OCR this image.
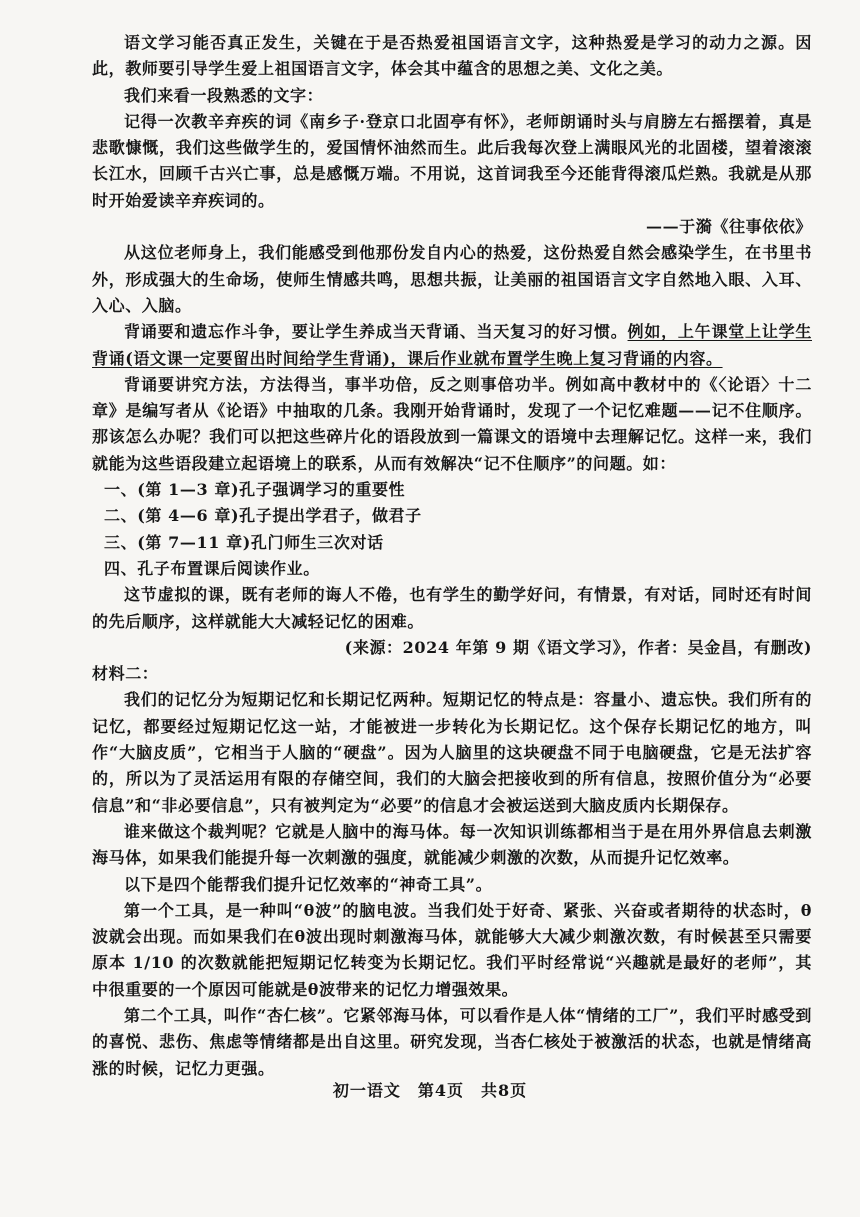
语文学习能否真正发生，关键在于是否热爱祖国语言文字，这种热爱是学习的动力之源。因此，教师要引导学生爱上祖国语言文字，体会其中蕴含的思想之美、文化之美。

我们来看一段熟悉的文字：

记得一次教辛弃疾的词《南乡子·登京口北固亭有怀》，老师朗诵时头与肩膀左右摇摆着，真是悲歌慷慨，我们这些做学生的，爱国情怀油然而生。此后我每次登上满眼风光的北固楼，望着滚滚长江水，回顾千古兴亡事，总是感慨万端。不用说，这首词我至今还能背得滚瓜烂熟。我就是从那时开始爱读辛弃疾词的。

——于漪《往事依依》

从这位老师身上，我们能感受到他那份发自内心的热爱，这份热爱自然会感染学生，在书里书外，形成强大的生命场，使师生情感共鸣，思想共振，让美丽的祖国语言文字自然地入眼、入耳、入心、入脑。

背诵要和遗忘作斗争，要让学生养成当天背诵、当天复习的好习惯。例如，上午课堂上让学生背诵(语文课一定要留出时间给学生背诵)，课后作业就布置学生晚上复习背诵的内容。

背诵要讲究方法，方法得当，事半功倍，反之则事倍功半。例如高中教材中的《〈论语〉十二章》是编写者从《论语》中抽取的几条。我刚开始背诵时，发现了一个记忆难题——记不住顺序。那该怎么办呢？我们可以把这些碎片化的语段放到一篇课文的语境中去理解记忆。这样一来，我们就能为这些语段建立起语境上的联系，从而有效解决“记不住顺序”的问题。如：

一、(第 1—3 章)孔子强调学习的重要性

二、(第 4—6 章)孔子提出学君子，做君子

三、(第 7—11 章)孔门师生三次对话

四、孔子布置课后阅读作业。

这节虚拟的课，既有老师的诲人不倦，也有学生的勤学好问，有情景，有对话，同时还有时间的先后顺序，这样就能大大减轻记忆的困难。

(来源：2024 年第 9 期《语文学习》，作者：吴金昌，有删改)

材料二：

我们的记忆分为短期记忆和长期记忆两种。短期记忆的特点是：容量小、遗忘快。我们所有的记忆，都要经过短期记忆这一站，才能被进一步转化为长期记忆。这个保存长期记忆的地方，叫作“大脑皮质”，它相当于人脑的“硬盘”。因为人脑里的这块硬盘不同于电脑硬盘，它是无法扩容的，所以为了灵活运用有限的存储空间，我们的大脑会把接收到的所有信息，按照价值分为“必要信息”和“非必要信息”，只有被判定为“必要”的信息才会被运送到大脑皮质内长期保存。

谁来做这个裁判呢？它就是人脑中的海马体。每一次知识训练都相当于是在用外界信息去刺激海马体，如果我们能提升每一次刺激的强度，就能减少刺激的次数，从而提升记忆效率。

以下是四个能帮我们提升记忆效率的“神奇工具”。

第一个工具，是一种叫“θ波”的脑电波。当我们处于好奇、紧张、兴奋或者期待的状态时，θ波就会出现。而如果我们在θ波出现时刺激海马体，就能够大大减少刺激次数，有时候甚至只需要原本 1/10 的次数就能把短期记忆转变为长期记忆。我们平时经常说“兴趣就是最好的老师”，其中很重要的一个原因可能就是θ波带来的记忆力增强效果。

第二个工具，叫作“杏仁核”。它紧邻海马体，可以看作是人体“情绪的工厂”，我们平时感受到的喜悦、悲伤、焦虑等情绪都是出自这里。研究发现，当杏仁核处于被激活的状态，也就是情绪高涨的时候，记忆力更强。

初一语文　第4页　共8页
